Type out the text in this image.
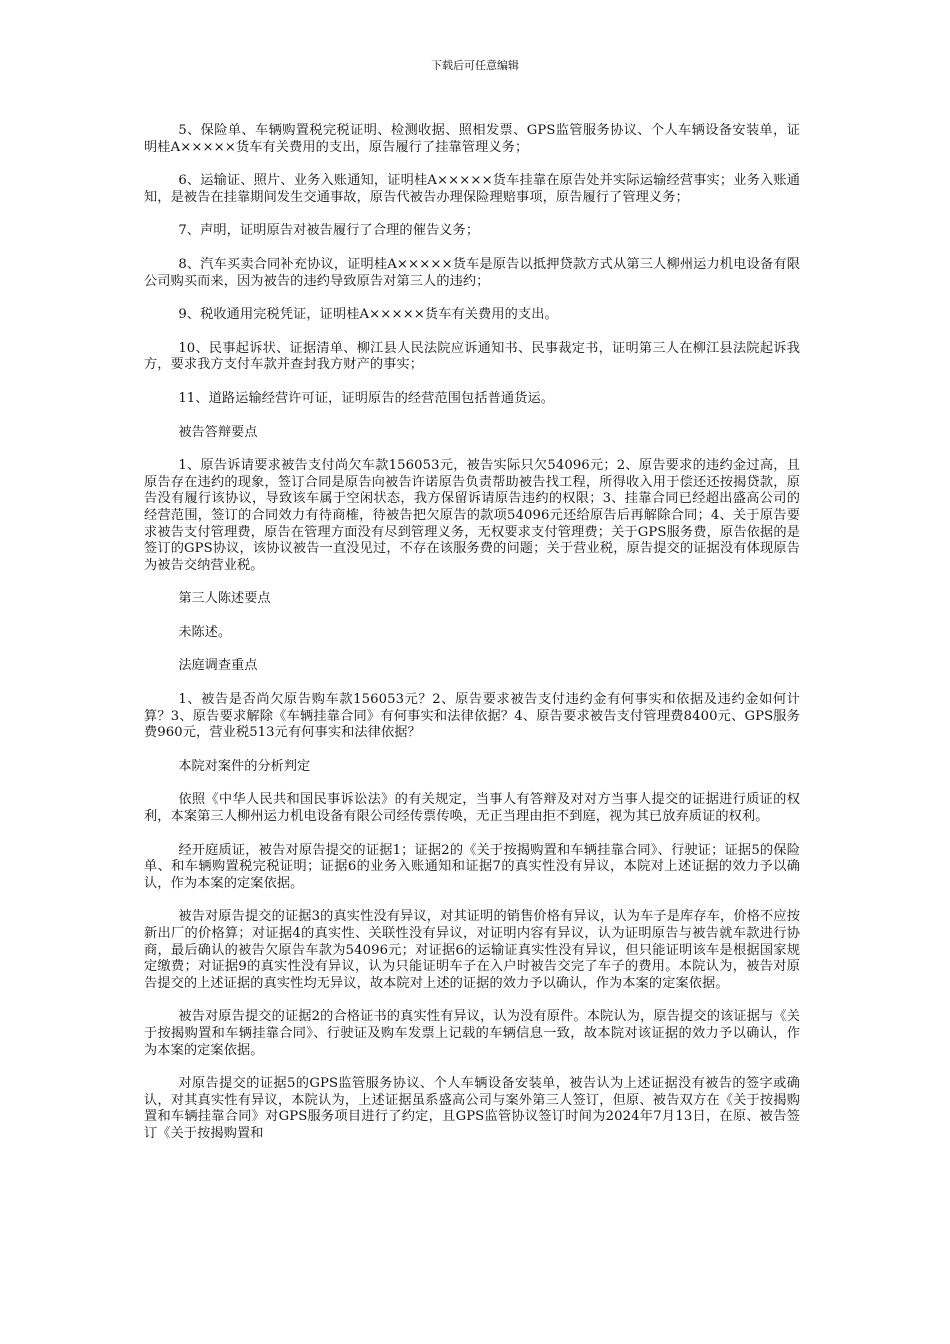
下载后可任意编辑

5、保险单、车辆购置税完税证明、检测收据、照相发票、GPS监管服务协议、个人车辆设备安装单，证明桂A×××××货车有关费用的支出，原告履行了挂靠管理义务；

6、运输证、照片、业务入账通知，证明桂A×××××货车挂靠在原告处并实际运输经营事实；业务入账通知，是被告在挂靠期间发生交通事故，原告代被告办理保险理赔事项，原告履行了管理义务；

7、声明，证明原告对被告履行了合理的催告义务；

8、汽车买卖合同补充协议，证明桂A×××××货车是原告以抵押贷款方式从第三人柳州运力机电设备有限公司购买而来，因为被告的违约导致原告对第三人的违约；

9、税收通用完税凭证，证明桂A×××××货车有关费用的支出。

10、民事起诉状、证据清单、柳江县人民法院应诉通知书、民事裁定书，证明第三人在柳江县法院起诉我方，要求我方支付车款并查封我方财产的事实；

11、道路运输经营许可证，证明原告的经营范围包括普通货运。

被告答辩要点

1、原告诉请要求被告支付尚欠车款156053元，被告实际只欠54096元；2、原告要求的违约金过高，且原告存在违约的现象，签订合同是原告向被告许诺原告负责帮助被告找工程，所得收入用于偿还还按揭贷款，原告没有履行该协议，导致该车属于空闲状态，我方保留诉请原告违约的权限；3、挂靠合同已经超出盛高公司的经营范围，签订的合同效力有待商榷，待被告把欠原告的款项54096元还给原告后再解除合同；4、关于原告要求被告支付管理费，原告在管理方面没有尽到管理义务，无权要求支付管理费；关于GPS服务费，原告依据的是签订的GPS协议，该协议被告一直没见过，不存在该服务费的问题；关于营业税，原告提交的证据没有体现原告为被告交纳营业税。

第三人陈述要点

未陈述。

法庭调查重点

1、被告是否尚欠原告购车款156053元？2、原告要求被告支付违约金有何事实和依据及违约金如何计算？3、原告要求解除《车辆挂靠合同》有何事实和法律依据？4、原告要求被告支付管理费8400元、GPS服务费960元，营业税513元有何事实和法律依据？

本院对案件的分析判定

依照《中华人民共和国民事诉讼法》的有关规定，当事人有答辩及对对方当事人提交的证据进行质证的权利，本案第三人柳州运力机电设备有限公司经传票传唤，无正当理由拒不到庭，视为其已放弃质证的权利。

经开庭质证，被告对原告提交的证据1；证据2的《关于按揭购置和车辆挂靠合同》、行驶证；证据5的保险单、和车辆购置税完税证明；证据6的业务入账通知和证据7的真实性没有异议，本院对上述证据的效力予以确认，作为本案的定案依据。

被告对原告提交的证据3的真实性没有异议，对其证明的销售价格有异议，认为车子是库存车，价格不应按新出厂的价格算；对证据4的真实性、关联性没有异议，对证明内容有异议，认为证明原告与被告就车款进行协商，最后确认的被告欠原告车款为54096元；对证据6的运输证真实性没有异议，但只能证明该车是根据国家规定缴费；对证据9的真实性没有异议，认为只能证明车子在入户时被告交完了车子的费用。本院认为，被告对原告提交的上述证据的真实性均无异议，故本院对上述的证据的效力予以确认，作为本案的定案依据。

被告对原告提交的证据2的合格证书的真实性有异议，认为没有原件。本院认为，原告提交的该证据与《关于按揭购置和车辆挂靠合同》、行驶证及购车发票上记载的车辆信息一致，故本院对该证据的效力予以确认，作为本案的定案依据。

对原告提交的证据5的GPS监管服务协议、个人车辆设备安装单，被告认为上述证据没有被告的签字或确认，对其真实性有异议，本院认为，上述证据虽系盛高公司与案外第三人签订，但原、被告双方在《关于按揭购置和车辆挂靠合同》对GPS服务项目进行了约定，且GPS监管协议签订时间为2024年7月13日，在原、被告签订《关于按揭购置和
